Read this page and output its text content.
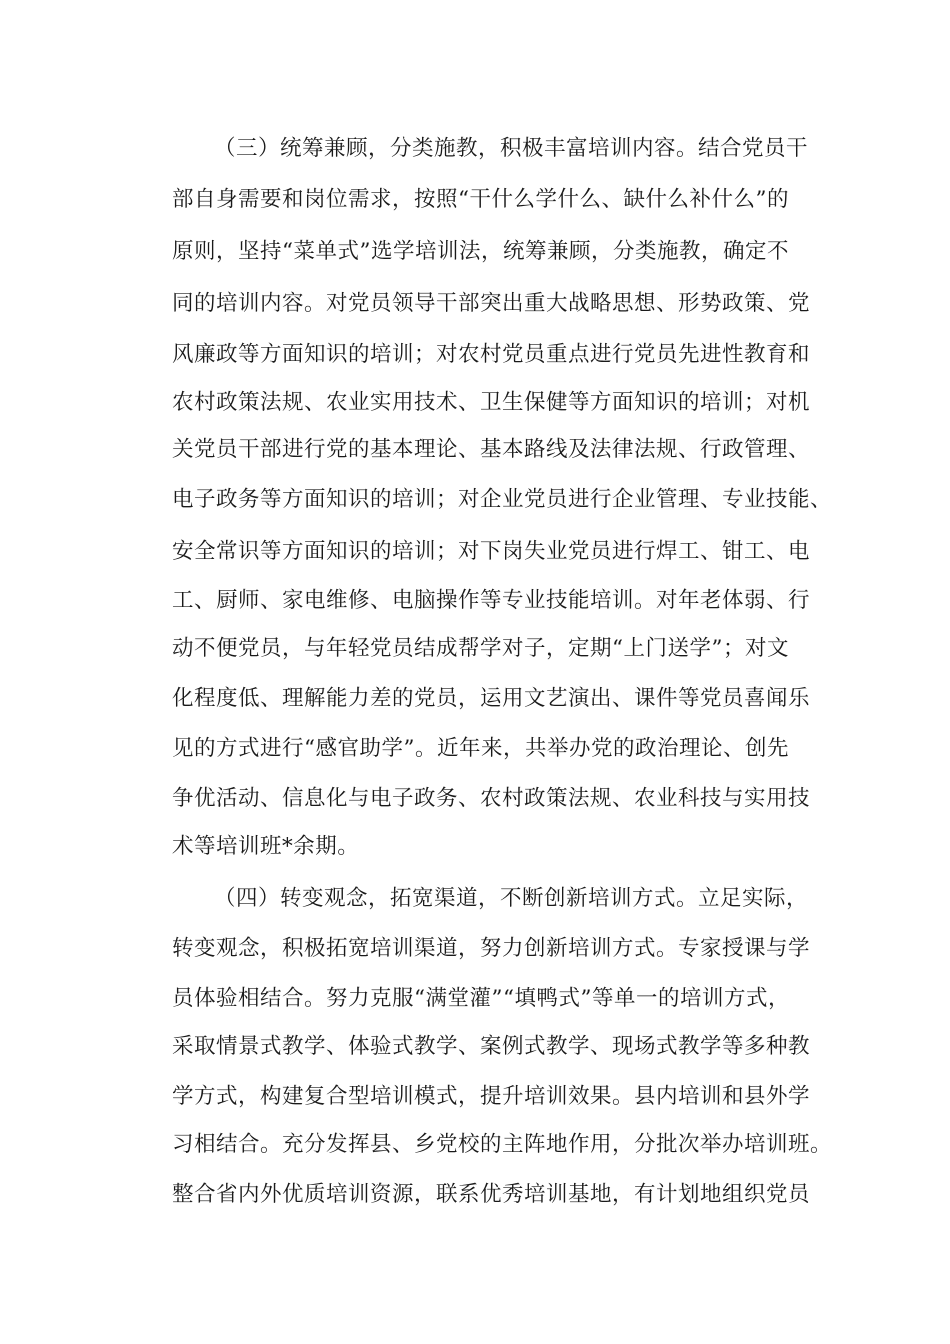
（三）统筹兼顾，分类施教，积极丰富培训内容。结合党员干
部自身需要和岗位需求，按照“干什么学什么、缺什么补什么”的
原则，坚持“菜单式”选学培训法，统筹兼顾，分类施教，确定不
同的培训内容。对党员领导干部突出重大战略思想、形势政策、党
风廉政等方面知识的培训；对农村党员重点进行党员先进性教育和
农村政策法规、农业实用技术、卫生保健等方面知识的培训；对机
关党员干部进行党的基本理论、基本路线及法律法规、行政管理、
电子政务等方面知识的培训；对企业党员进行企业管理、专业技能、
安全常识等方面知识的培训；对下岗失业党员进行焊工、钳工、电
工、厨师、家电维修、电脑操作等专业技能培训。对年老体弱、行
动不便党员，与年轻党员结成帮学对子，定期“上门送学”；对文
化程度低、理解能力差的党员，运用文艺演出、课件等党员喜闻乐
见的方式进行“感官助学”。近年来，共举办党的政治理论、创先
争优活动、信息化与电子政务、农村政策法规、农业科技与实用技
术等培训班*余期。
（四）转变观念，拓宽渠道，不断创新培训方式。立足实际，
转变观念，积极拓宽培训渠道，努力创新培训方式。专家授课与学
员体验相结合。努力克服“满堂灌”“填鸭式”等单一的培训方式，
采取情景式教学、体验式教学、案例式教学、现场式教学等多种教
学方式，构建复合型培训模式，提升培训效果。县内培训和县外学
习相结合。充分发挥县、乡党校的主阵地作用，分批次举办培训班。
整合省内外优质培训资源，联系优秀培训基地，有计划地组织党员
